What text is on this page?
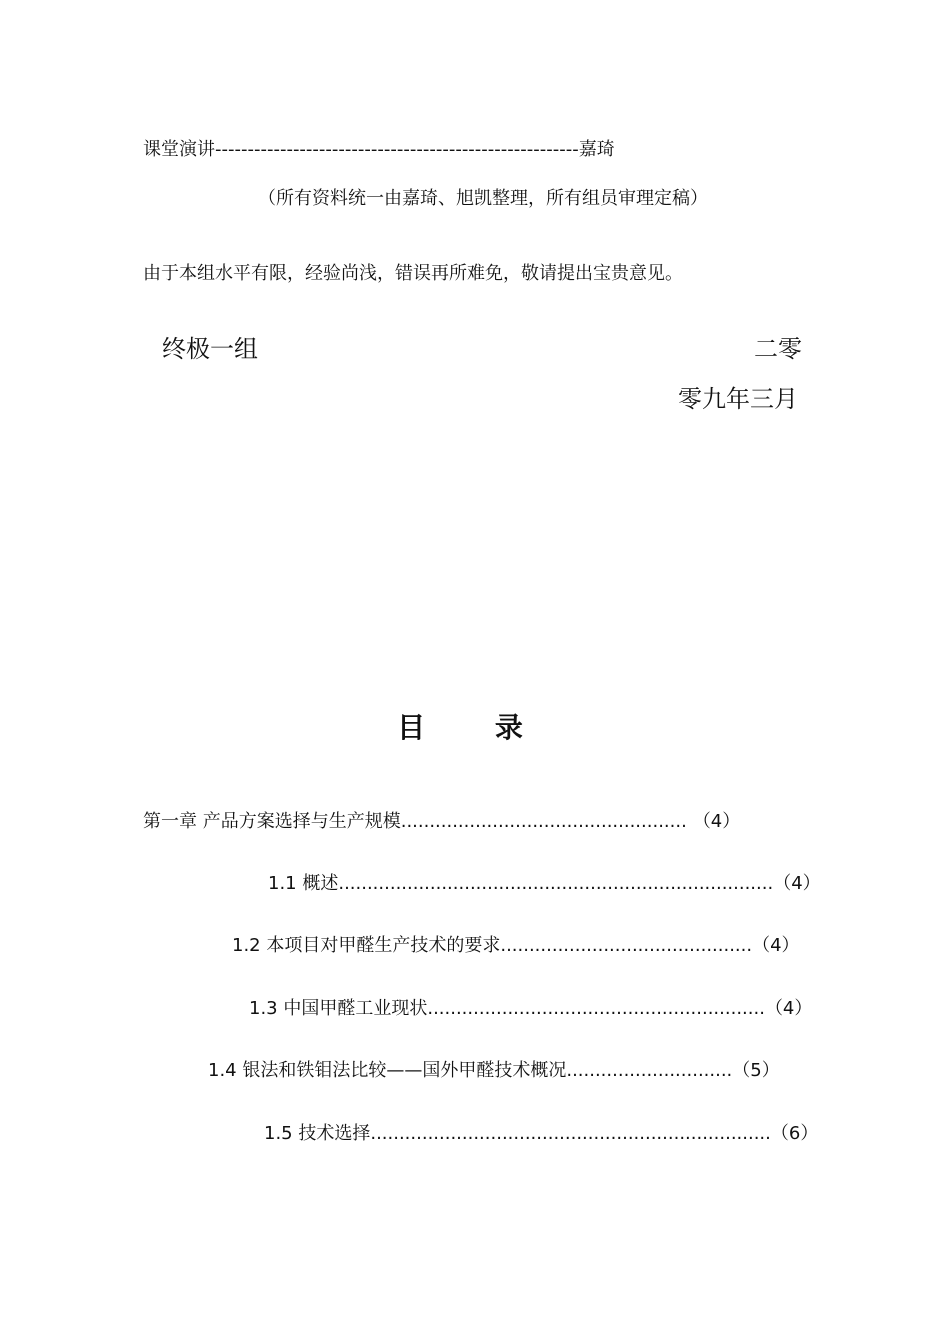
课堂演讲--------------------------------------------------------嘉琦
（所有资料统一由嘉琦、旭凯整理，所有组员审理定稿）
由于本组水平有限，经验尚浅，错误再所难免，敬请提出宝贵意见。
终极一组	二零
零九年三月
目 录
第一章 产品方案选择与生产规模.................................................. （4）
1.1 概述............................................................................（4）
1.2 本项目对甲醛生产技术的要求............................................（4）
1.3 中国甲醛工业现状...........................................................（4）
1.4 银法和铁钼法比较——国外甲醛技术概况.............................（5）
1.5 技术选择......................................................................（6）
